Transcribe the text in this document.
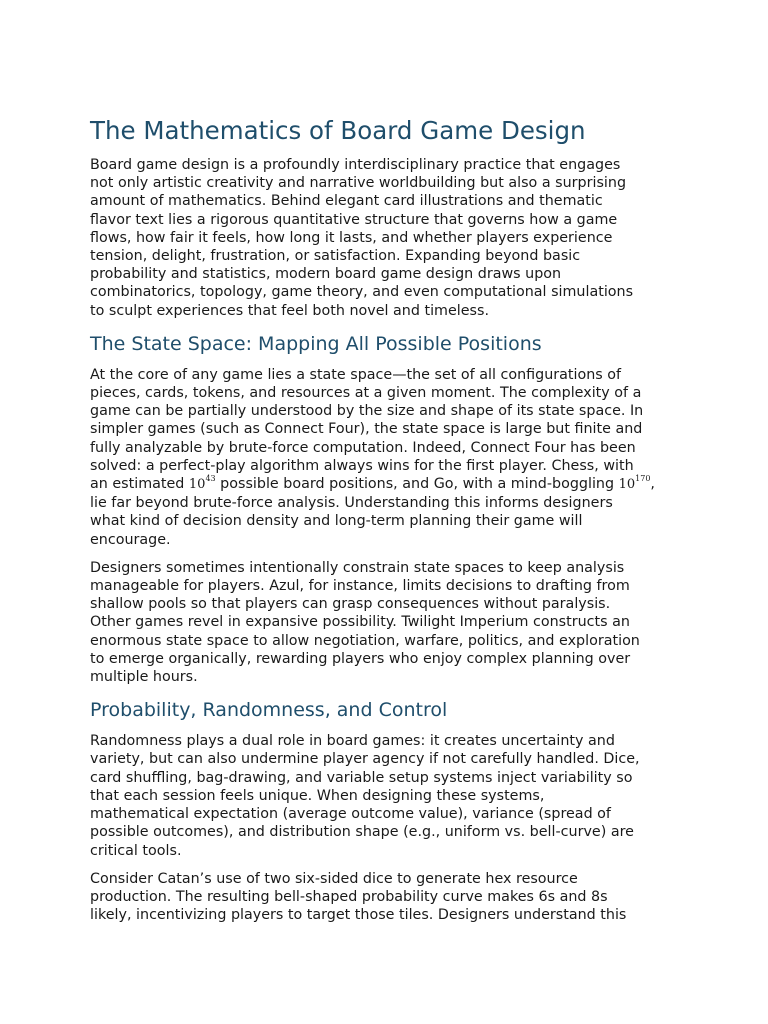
The Mathematics of Board Game Design

Board game design is a profoundly interdisciplinary practice that engages
not only artistic creativity and narrative worldbuilding but also a surprising
amount of mathematics. Behind elegant card illustrations and thematic
flavor text lies a rigorous quantitative structure that governs how a game
flows, how fair it feels, how long it lasts, and whether players experience
tension, delight, frustration, or satisfaction. Expanding beyond basic
probability and statistics, modern board game design draws upon
combinatorics, topology, game theory, and even computational simulations
to sculpt experiences that feel both novel and timeless.

The State Space: Mapping All Possible Positions

At the core of any game lies a state space—the set of all configurations of
pieces, cards, tokens, and resources at a given moment. The complexity of a
game can be partially understood by the size and shape of its state space. In
simpler games (such as Connect Four), the state space is large but finite and
fully analyzable by brute-force computation. Indeed, Connect Four has been
solved: a perfect-play algorithm always wins for the first player. Chess, with
an estimated $10^{43}$ possible board positions, and Go, with a mind-boggling $10^{170}$,
lie far beyond brute-force analysis. Understanding this informs designers
what kind of decision density and long-term planning their game will
encourage.

Designers sometimes intentionally constrain state spaces to keep analysis
manageable for players. Azul, for instance, limits decisions to drafting from
shallow pools so that players can grasp consequences without paralysis.
Other games revel in expansive possibility. Twilight Imperium constructs an
enormous state space to allow negotiation, warfare, politics, and exploration
to emerge organically, rewarding players who enjoy complex planning over
multiple hours.

Probability, Randomness, and Control

Randomness plays a dual role in board games: it creates uncertainty and
variety, but can also undermine player agency if not carefully handled. Dice,
card shuffling, bag-drawing, and variable setup systems inject variability so
that each session feels unique. When designing these systems,
mathematical expectation (average outcome value), variance (spread of
possible outcomes), and distribution shape (e.g., uniform vs. bell-curve) are
critical tools.

Consider Catan’s use of two six-sided dice to generate hex resource
production. The resulting bell-shaped probability curve makes 6s and 8s
likely, incentivizing players to target those tiles. Designers understand this
